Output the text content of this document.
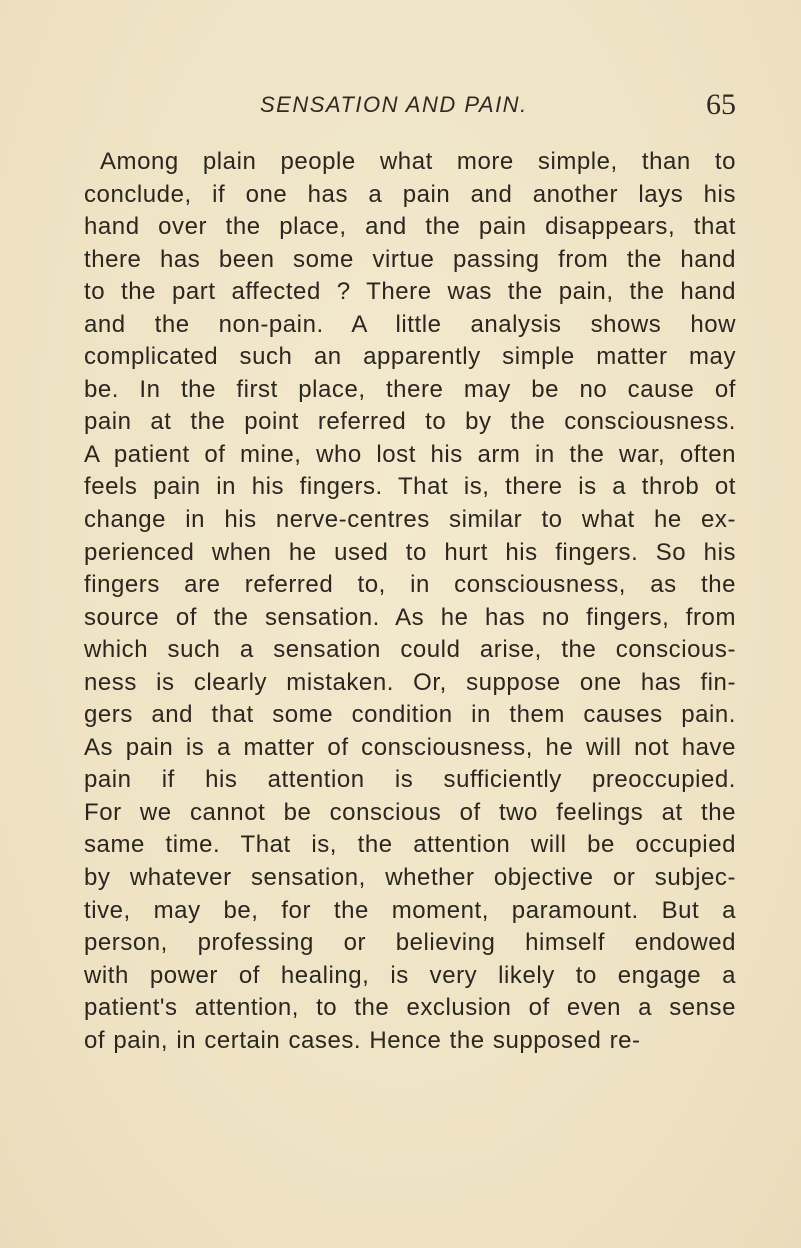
SENSATION AND PAIN.	65
Among plain people what more simple, than to
conclude, if one has a pain and another lays his
hand over the place, and the pain disappears, that
there has been some virtue passing from the hand
to the part affected ? There was the pain, the hand
and the non-pain. A little analysis shows how
complicated such an apparently simple matter may
be. In the first place, there may be no cause of
pain at the point referred to by the consciousness.
A patient of mine, who lost his arm in the war, often
feels pain in his fingers. That is, there is a throb ot
change in his nerve-centres similar to what he ex-
perienced when he used to hurt his fingers. So his
fingers are referred to, in consciousness, as the
source of the sensation. As he has no fingers, from
which such a sensation could arise, the conscious-
ness is clearly mistaken. Or, suppose one has fin-
gers and that some condition in them causes pain.
As pain is a matter of consciousness, he will not have
pain if his attention is sufficiently preoccupied.
For we cannot be conscious of two feelings at the
same time. That is, the attention will be occupied
by whatever sensation, whether objective or subjec-
tive, may be, for the moment, paramount. But a
person, professing or believing himself endowed
with power of healing, is very likely to engage a
patient's attention, to the exclusion of even a sense
of pain, in certain cases. Hence the supposed re-
